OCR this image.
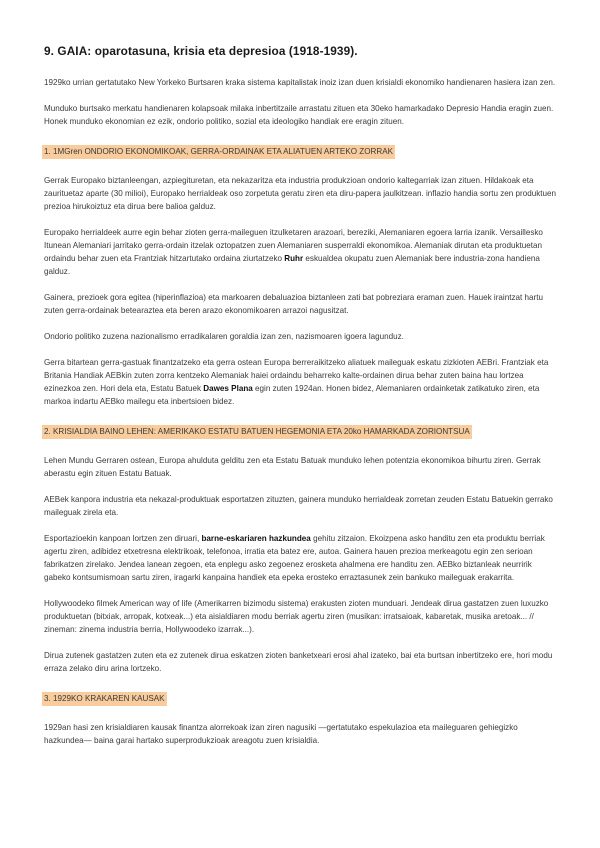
9. GAIA: oparotasuna, krisia eta depresioa (1918-1939).

1929ko urrian gertatutako New Yorkeko Burtsaren kraka sistema kapitalistak inoiz izan duen krisialdi ekonomiko handienaren hasiera izan zen.

Munduko burtsako merkatu handienaren kolapsoak milaka inbertitzaile arrastatu zituen eta 30eko hamarkadako Depresio Handia eragin zuen. Honek munduko ekonomian ez ezik, ondorio politiko, sozial eta ideologiko handiak ere eragin zituen.

1. 1MGren ONDORIO EKONOMIKOAK, GERRA-ORDAINAK ETA ALIATUEN ARTEKO ZORRAK

Gerrak Europako biztanleengan, azpiegituretan, eta nekazaritza eta industria produkzioan ondorio kaltegarriak izan zituen. Hildakoak eta zaurituetaz aparte (30 milioi), Europako herrialdeak oso zorpetuta geratu ziren eta diru-papera jaulkitzean. inflazio handia sortu zen produktuen prezioa hirukoiztuz eta dirua bere balioa galduz.

Europako herrialdeek aurre egin behar zioten gerra-maileguen itzulketaren arazoari, bereziki, Alemaniaren egoera larria izanik. Versaillesko Itunean Alemaniari jarritako gerra-ordain itzelak oztopatzen zuen Alemaniaren susperraldi ekonomikoa. Alemaniak dirutan eta produktuetan ordaindu behar zuen eta Frantziak hitzartutako ordaina ziurtatzeko Ruhr eskualdea okupatu zuen Alemaniak bere industria-zona handiena galduz.

Gainera, prezioek gora egitea (hiperinflazioa) eta markoaren debaluazioa biztanleen zati bat pobreziara eraman zuen. Hauek iraintzat hartu zuten gerra-ordainak betearaztea eta beren arazo ekonomikoaren arrazoi nagusitzat.

Ondorio politiko zuzena nazionalismo erradikalaren goraldia izan zen, nazismoaren igoera lagunduz.

Gerra bitartean gerra-gastuak finantzatzeko eta gerra ostean Europa berreraikitzeko aliatuek maileguak eskatu zizkioten AEBri. Frantziak eta Britania Handiak AEBkin zuten zorra kentzeko Alemaniak haiei ordaindu beharreko kalte-ordainen dirua behar zuten baina hau lortzea ezinezkoa zen. Hori dela eta, Estatu Batuek Dawes Plana egin zuten 1924an. Honen bidez, Alemaniaren ordainketak zatikatuko ziren, eta markoa indartu AEBko mailegu eta inbertsioen bidez.

2. KRISIALDIA BAINO LEHEN: AMERIKAKO ESTATU BATUEN HEGEMONIA ETA 20ko HAMARKADA ZORIONTSUA

Lehen Mundu Gerraren ostean, Europa ahulduta gelditu zen eta Estatu Batuak munduko lehen potentzia ekonomikoa bihurtu ziren. Gerrak aberastu egin zituen Estatu Batuak.

AEBek kanpora industria eta nekazal-produktuak esportatzen zituzten, gainera munduko herrialdeak zorretan zeuden Estatu Batuekin gerrako maileguak zirela eta.

Esportazioekin kanpoan lortzen zen diruari, barne-eskariaren hazkundea gehitu zitzaion. Ekoizpena asko handitu zen eta produktu berriak agertu ziren, adibidez etxetresna elektrikoak, telefonoa, irratia eta batez ere, autoa. Gainera hauen prezioa merkeagotu egin zen serioan fabrikatzen zirelako. Jendea lanean zegoen, eta enplegu asko zegoenez erosketa ahalmena ere handitu zen. AEBko biztanleak neurririk gabeko kontsumismoan sartu ziren, iragarki kanpaina handiek eta epeka erosteko erraztasunek zein bankuko maileguak erakarrita.

Hollywoodeko filmek American way of life (Amerikarren bizimodu sistema) erakusten zioten munduari. Jendeak dirua gastatzen zuen luxuzko produktuetan (bitxiak, arropak, kotxeak...) eta aisialdiaren modu berriak agertu ziren (musikan: irratsaioak, kabaretak, musika aretoak... // zineman: zinema industria berria, Hollywoodeko izarrak...).

Dirua zutenek gastatzen zuten eta ez zutenek dirua eskatzen zioten banketxeari erosi ahal izateko, bai eta burtsan inbertitzeko ere, hori modu erraza zelako diru arina lortzeko.

3. 1929KO KRAKAREN KAUSAK

1929an hasi zen krisialdiaren kausak finantza alorrekoak izan ziren nagusiki —gertatutako espekulazioa eta maileguaren gehiegizko hazkundea— baina garai hartako superprodukzioak areagotu zuen krisialdia.
